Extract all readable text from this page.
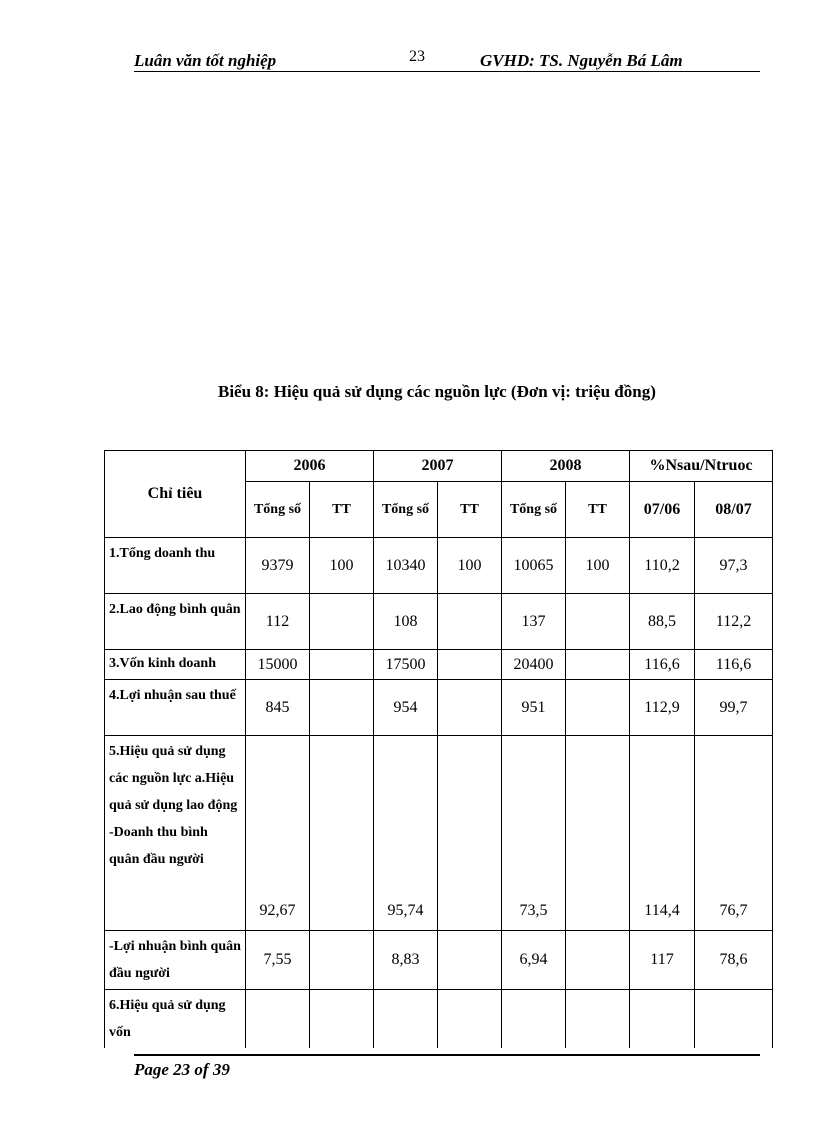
Luân văn tốt nghiệp	23	GVHD: TS. Nguyễn Bá Lâm
Biểu 8: Hiệu quả sử dụng các nguồn lực (Đơn vị: triệu đồng)
Chỉ tiêu	2006		2007		2008		%Nsau/Ntruoc	
	Tổng số	TT	Tổng số	TT	Tổng số	TT	07/06	08/07
1.Tổng doanh thu	9379	100	10340	100	10065	100	110,2	97,3
2.Lao động bình quân	112		108		137		88,5	112,2
3.Vốn kinh doanh	15000		17500		20400		116,6	116,6
4.Lợi nhuận sau thuế	845		954		951		112,9	99,7
5.Hiệu quả sử dụng các nguồn lực a.Hiệu quả sử dụng lao động -Doanh thu bình quân đầu người	92,67		95,74		73,5		114,4	76,7
-Lợi nhuận bình quân đầu người	7,55		8,83		6,94		117	78,6
6.Hiệu quả sử dụng vốn								
Page 23 of 39
